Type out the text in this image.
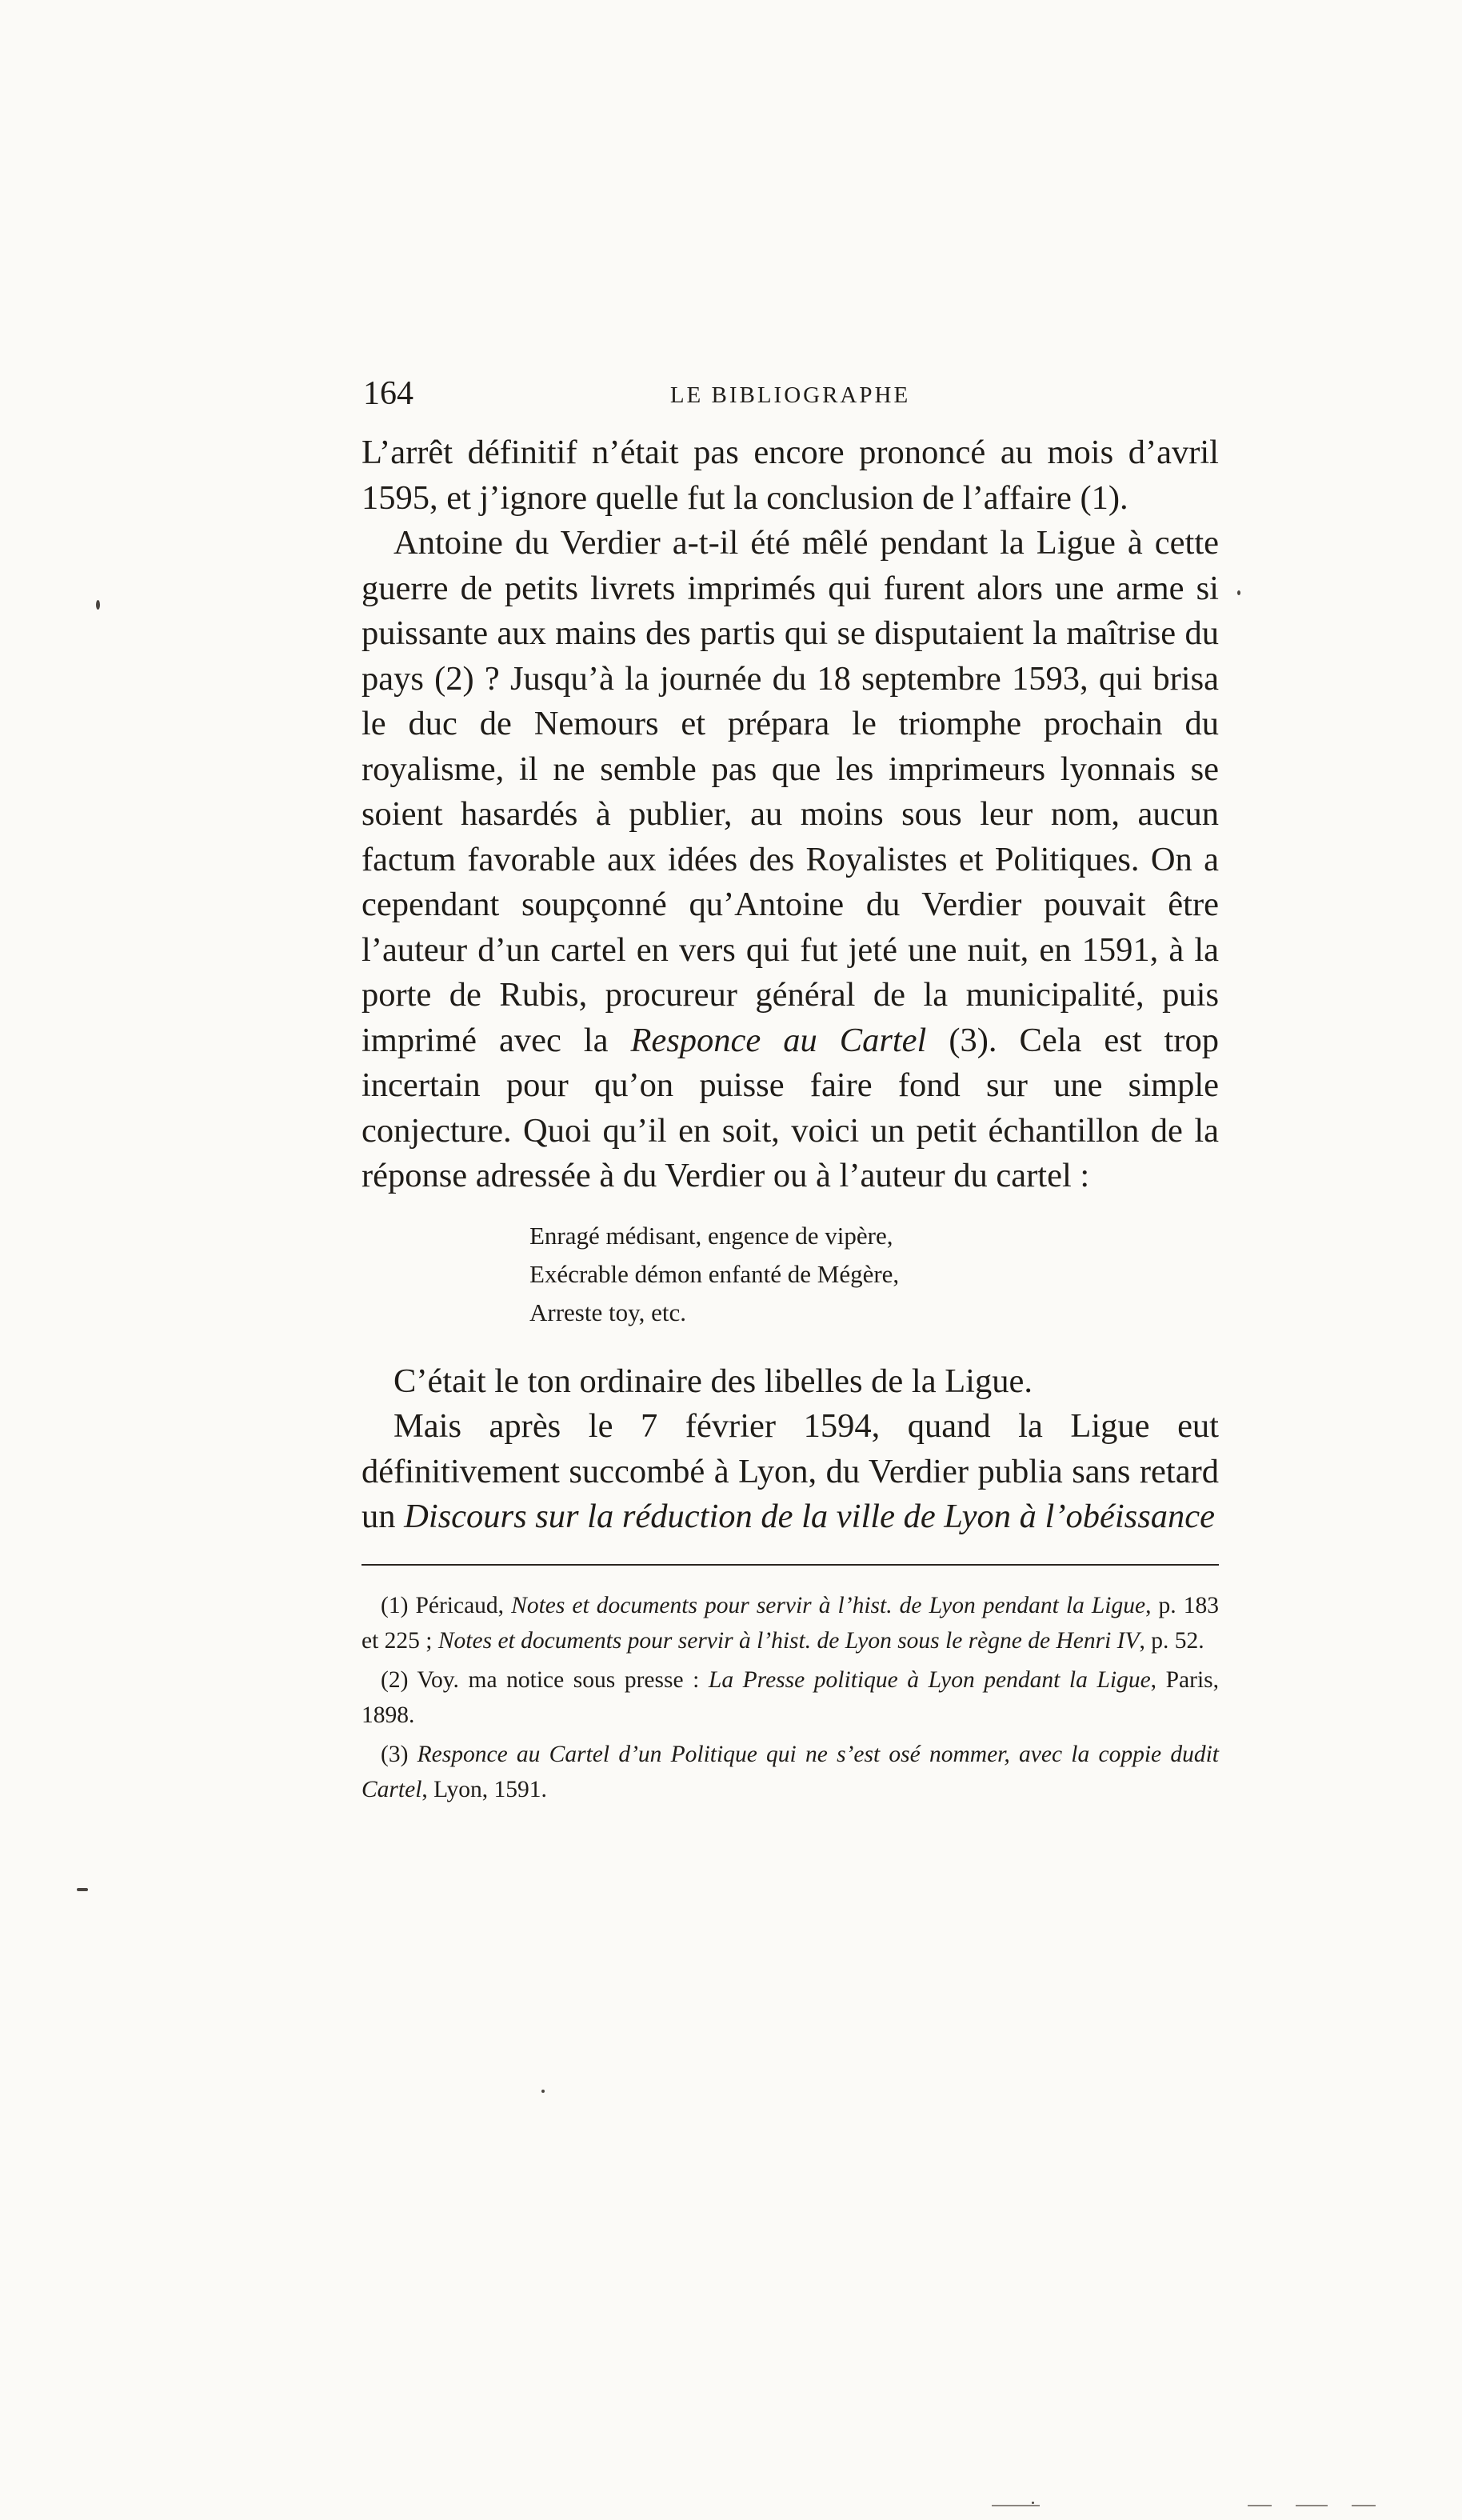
164	LE BIBLIOGRAPHE

L’arrêt définitif n’était pas encore prononcé au mois d’avril 1595, et j’ignore quelle fut la conclusion de l’affaire (1).

Antoine du Verdier a-t-il été mêlé pendant la Ligue à cette guerre de petits livrets imprimés qui furent alors une arme si puissante aux mains des partis qui se disputaient la maîtrise du pays (2) ? Jusqu’à la journée du 18 septembre 1593, qui brisa le duc de Nemours et prépara le triomphe prochain du royalisme, il ne semble pas que les imprimeurs lyonnais se soient hasardés à publier, au moins sous leur nom, aucun factum favorable aux idées des Royalistes et Politiques. On a cependant soupçonné qu’Antoine du Verdier pouvait être l’auteur d’un cartel en vers qui fut jeté une nuit, en 1591, à la porte de Rubis, procureur général de la municipalité, puis imprimé avec la Responce au Cartel (3). Cela est trop incertain pour qu’on puisse faire fond sur une simple conjecture. Quoi qu’il en soit, voici un petit échantillon de la réponse adressée à du Verdier ou à l’auteur du cartel :

Enragé médisant, engence de vipère,
Exécrable démon enfanté de Mégère,
Arreste toy, etc.

C’était le ton ordinaire des libelles de la Ligue.

Mais après le 7 février 1594, quand la Ligue eut définitivement succombé à Lyon, du Verdier publia sans retard un Discours sur la réduction de la ville de Lyon à l’obéissance

(1) Péricaud, Notes et documents pour servir à l’hist. de Lyon pendant la Ligue, p. 183 et 225 ; Notes et documents pour servir à l’hist. de Lyon sous le règne de Henri IV, p. 52.

(2) Voy. ma notice sous presse : La Presse politique à Lyon pendant la Ligue, Paris, 1898.

(3) Responce au Cartel d’un Politique qui ne s’est osé nommer, avec la coppie dudit Cartel, Lyon, 1591.
